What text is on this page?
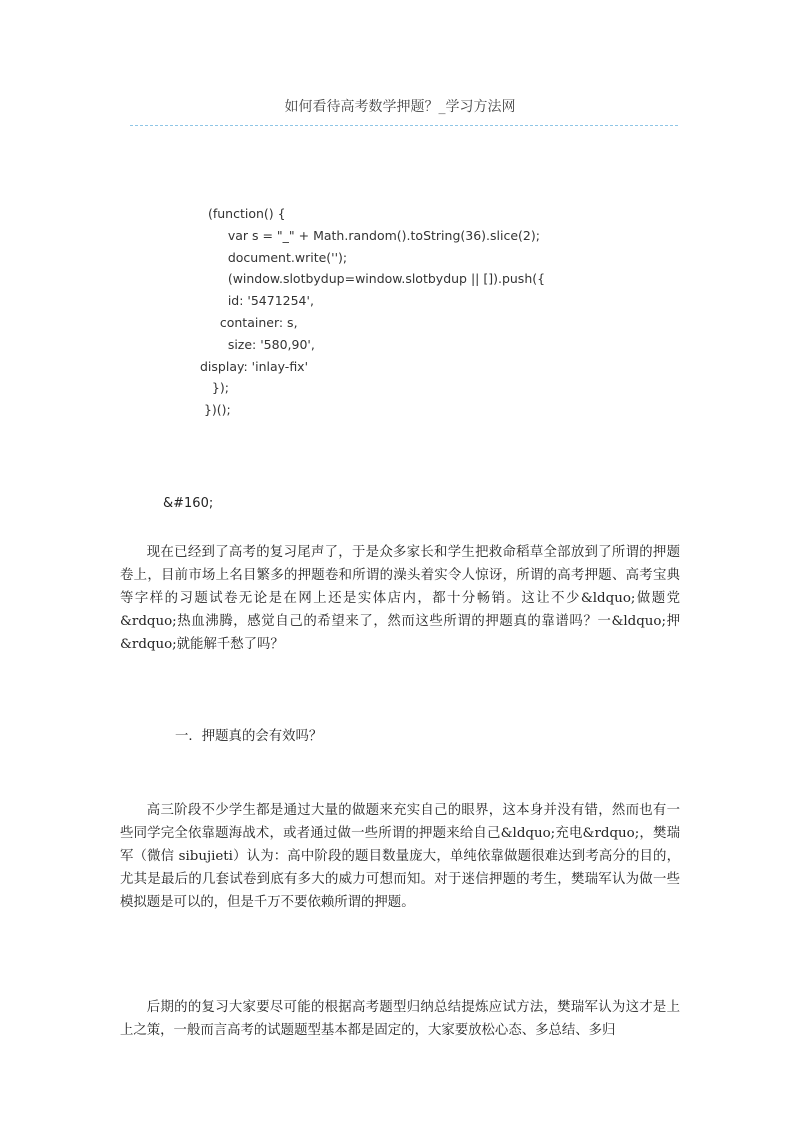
如何看待高考数学押题？_学习方法网
(function() {
var s = "_" + Math.random().toString(36).slice(2);
document.write('');
(window.slotbydup=window.slotbydup || []).push({
id: '5471254',
container: s,
size: '580,90',
display: 'inlay-fix'
});
})();
&#160;

现在已经到了高考的复习尾声了，于是众多家长和学生把救命稻草全部放到了所谓的押题卷上，目前市场上名目繁多的押题卷和所谓的澡头着实令人惊讶，所谓的高考押题、高考宝典等字样的习题试卷无论是在网上还是实体店内，都十分畅销。这让不少&ldquo;做题党&rdquo;热血沸腾，感觉自己的希望来了，然而这些所谓的押题真的靠谱吗？一&ldquo;押&rdquo;就能解千愁了吗？

一．押题真的会有效吗？

高三阶段不少学生都是通过大量的做题来充实自己的眼界，这本身并没有错，然而也有一些同学完全依靠题海战术，或者通过做一些所谓的押题来给自己&ldquo;充电&rdquo;，樊瑞军（微信 sibujieti）认为：高中阶段的题目数量庞大，单纯依靠做题很难达到考高分的目的，尤其是最后的几套试卷到底有多大的威力可想而知。对于迷信押题的考生，樊瑞军认为做一些模拟题是可以的，但是千万不要依赖所谓的押题。

后期的的复习大家要尽可能的根据高考题型归纳总结提炼应试方法，樊瑞军认为这才是上上之策，一般而言高考的试题题型基本都是固定的，大家要放松心态、多总结、多归
